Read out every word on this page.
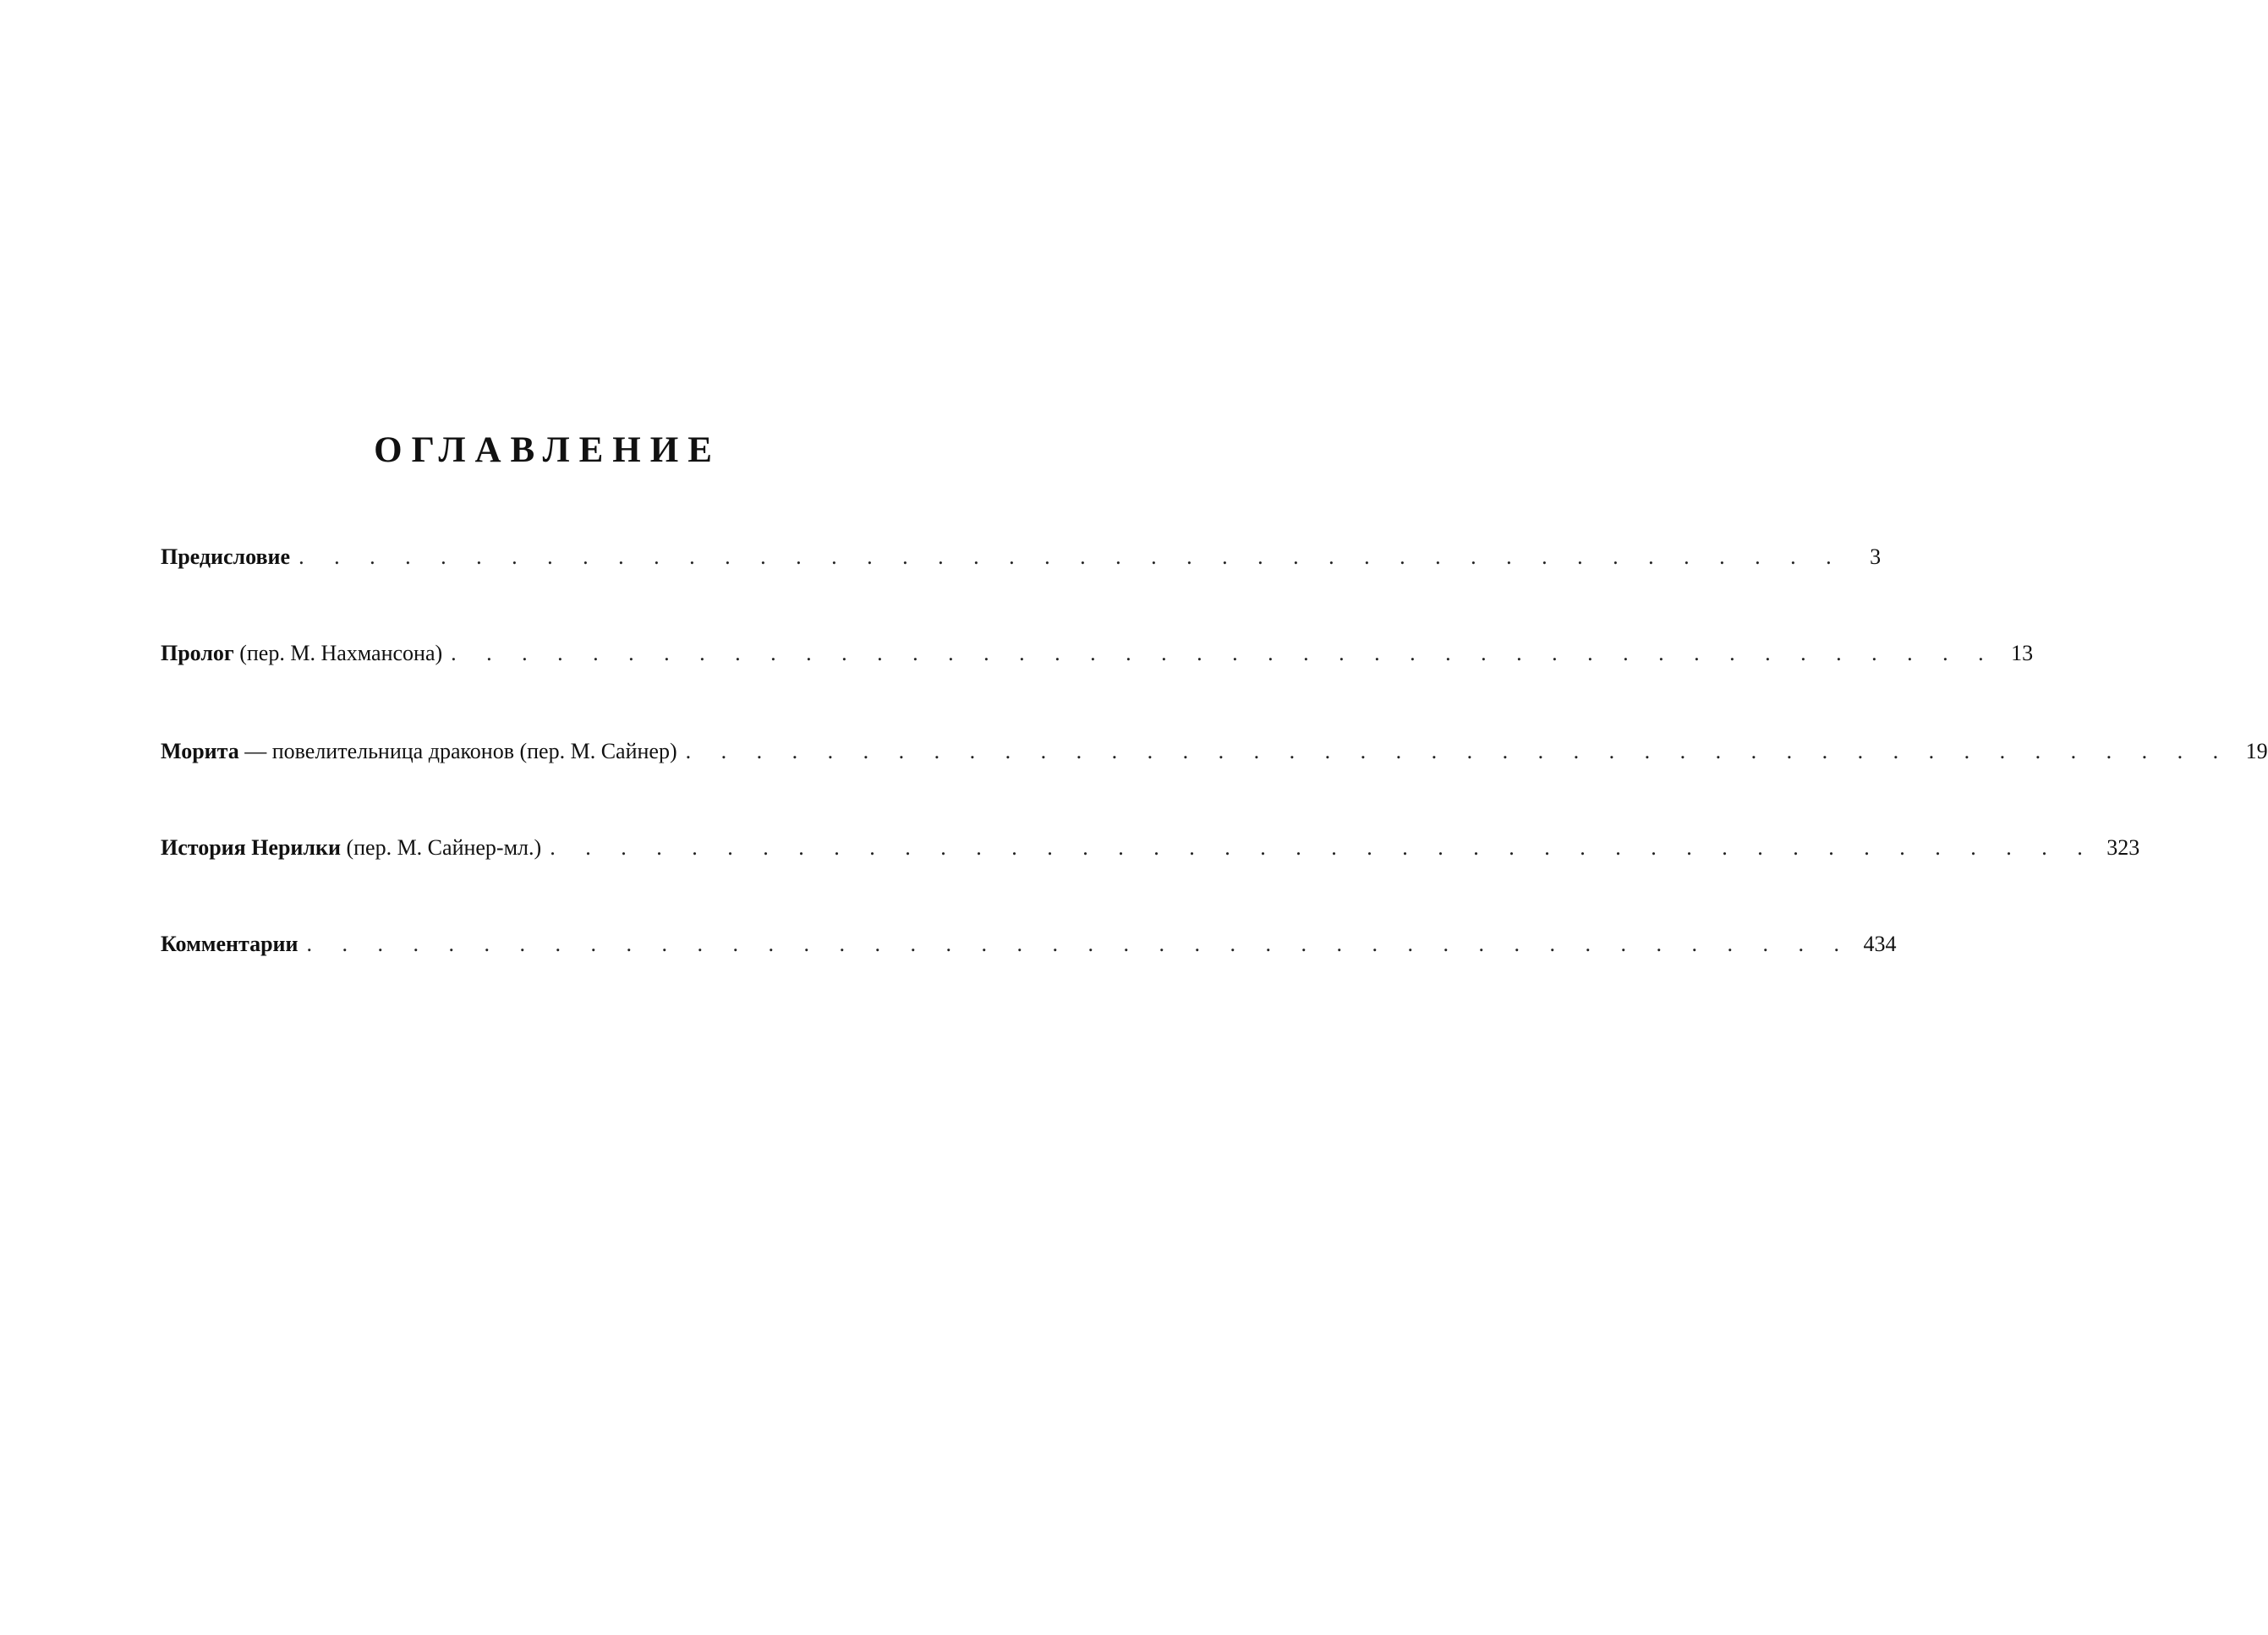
ОГЛАВЛЕНИЕ
Предисловие . . . . . . . . . . . . . . . . . . . . . . . . . . . . . . . . . . . . . . . . . . . .	3
Пролог (пер. М. Нахмансона) . . . . . . . . . . . . . . . . . . . . . . . . . . . . . . . . . . . . . . . . . . . . 13
Морита — повелительница драконов (пер. М. Сайнер) . . . . . . . . . . . . . . . . . . . . . . . . . . . . . . . . . . . . . . . . . . . . 19
История Нерилки (пер. М. Сайнер-мл.) . . . . . . . . . . . . . . . . . . . . . . . . . . . . . . . . . . . . . . . . . . . . 323
Комментарии . . . . . . . . . . . . . . . . . . . . . . . . . . . . . . . . . . . . . . . . . . . . 434
